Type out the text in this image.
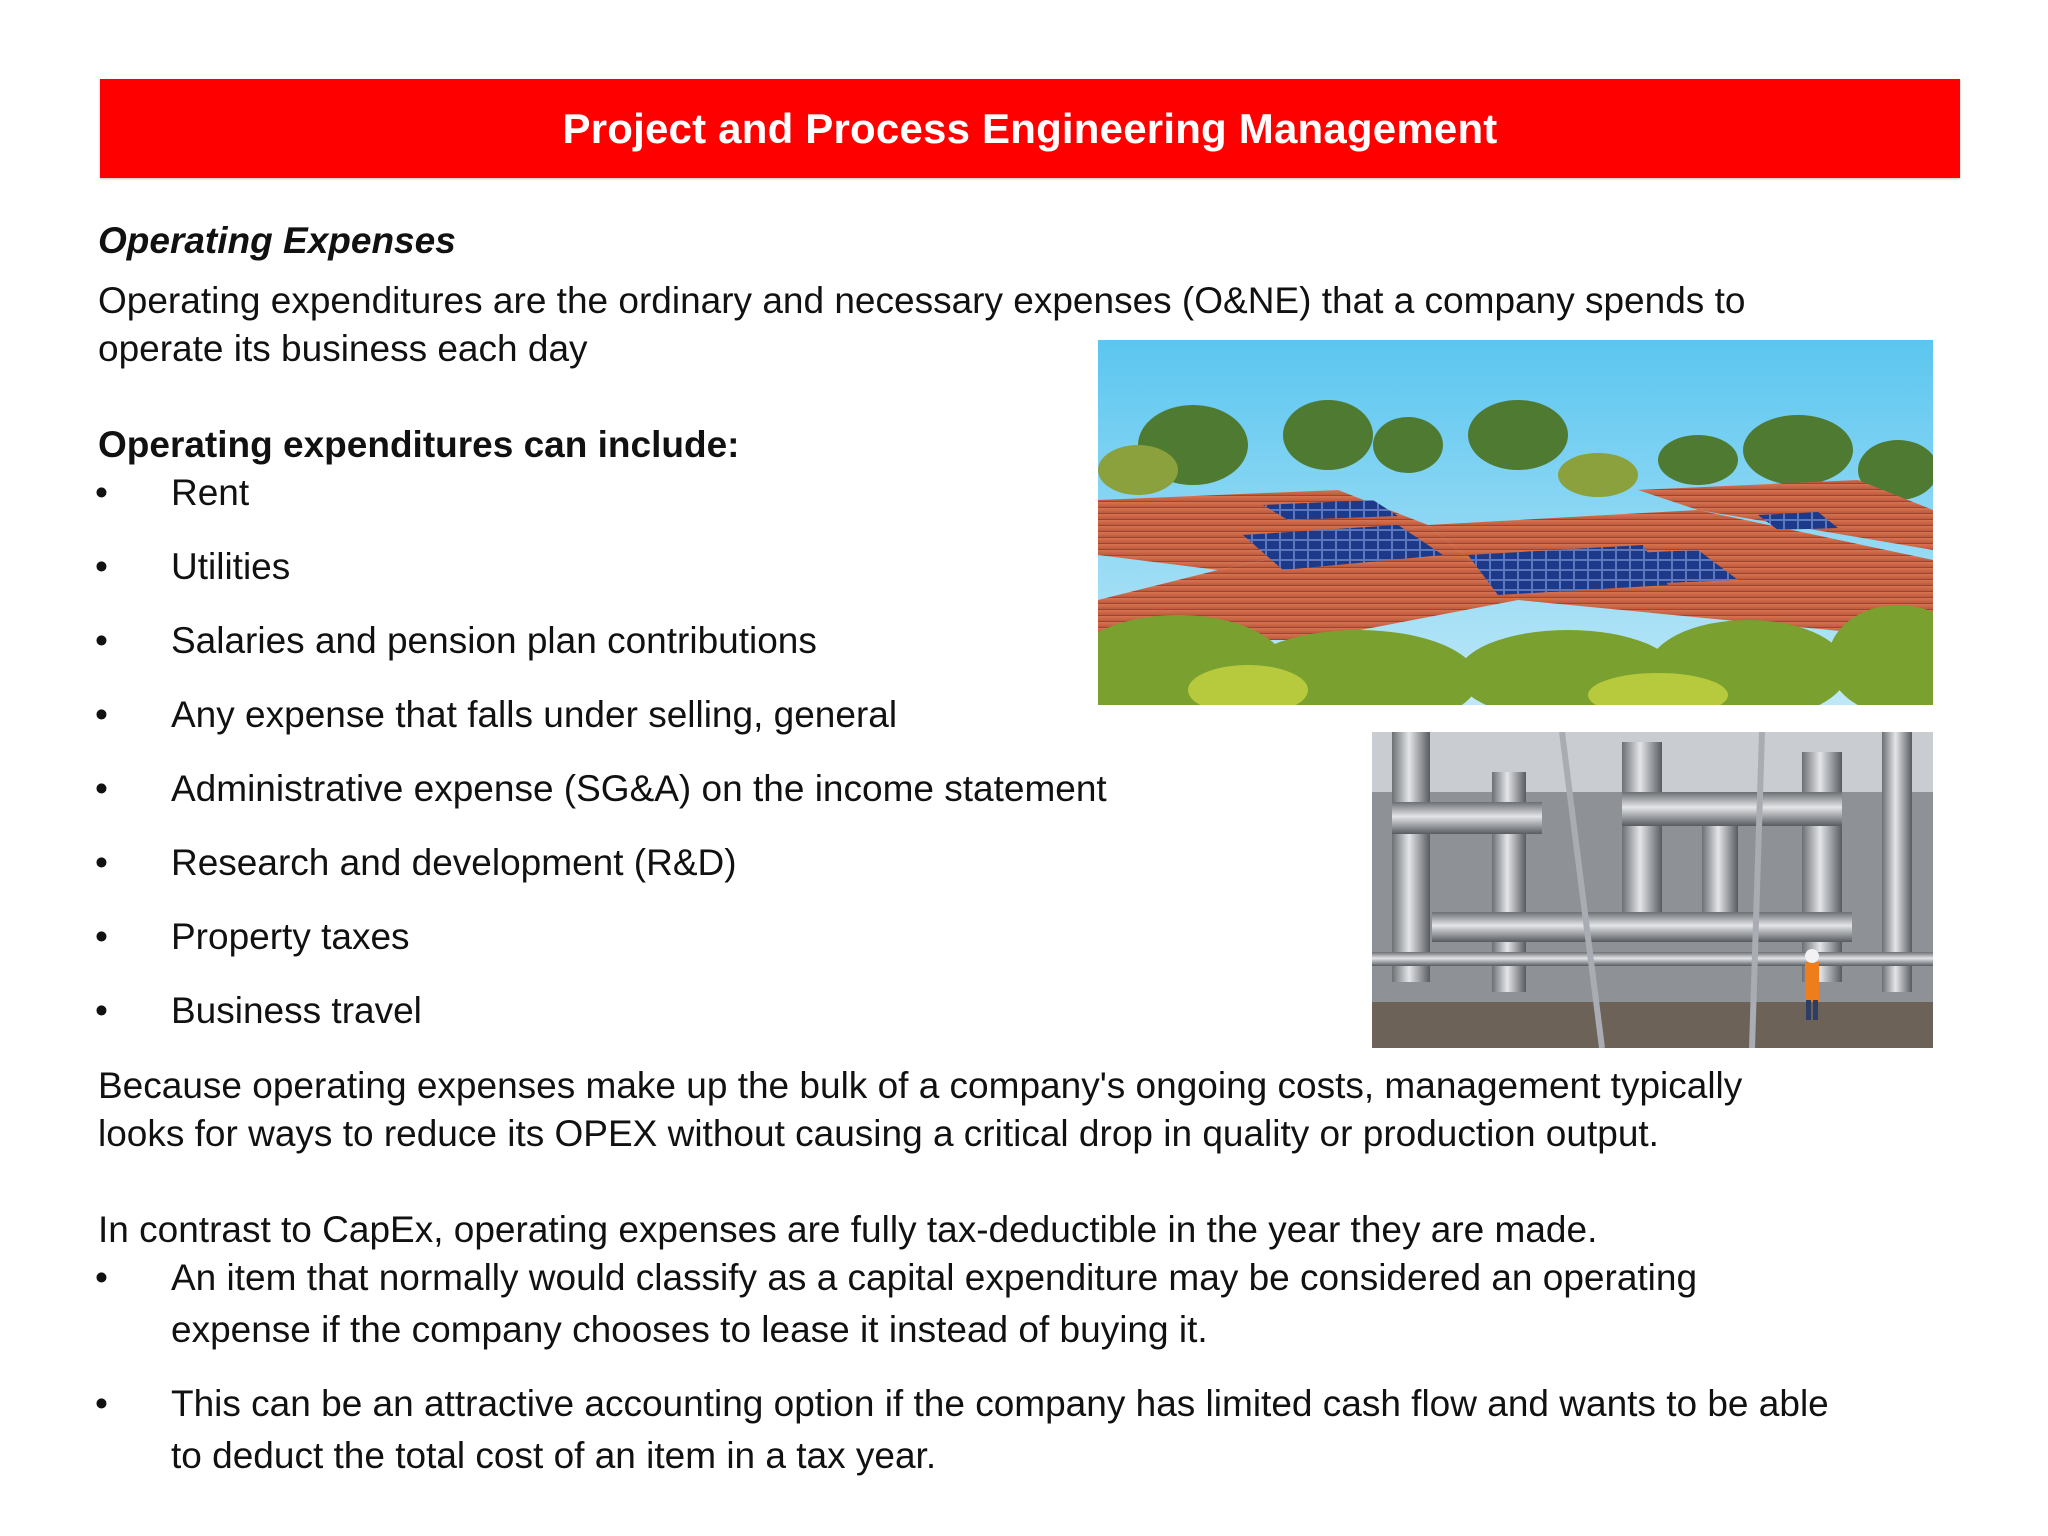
Project and Process Engineering Management
Operating Expenses
Operating expenditures are the ordinary and necessary expenses (O&NE) that a company spends to
operate its business each day
Operating expenditures can include:
•	Rent
•	Utilities
•	Salaries and pension plan contributions
•	Any expense that falls under selling, general
•	Administrative expense (SG&A) on the income statement
•	Research and development (R&D)
•	Property taxes
•	Business travel
Because operating expenses make up the bulk of a company's ongoing costs, management typically
looks for ways to reduce its OPEX without causing a critical drop in quality or production output.
In contrast to CapEx, operating expenses are fully tax-deductible in the year they are made.
•	An item that normally would classify as a capital expenditure may be considered an operating
expense if the company chooses to lease it instead of buying it.
•	This can be an attractive accounting option if the company has limited cash flow and wants to be able
to deduct the total cost of an item in a tax year.
